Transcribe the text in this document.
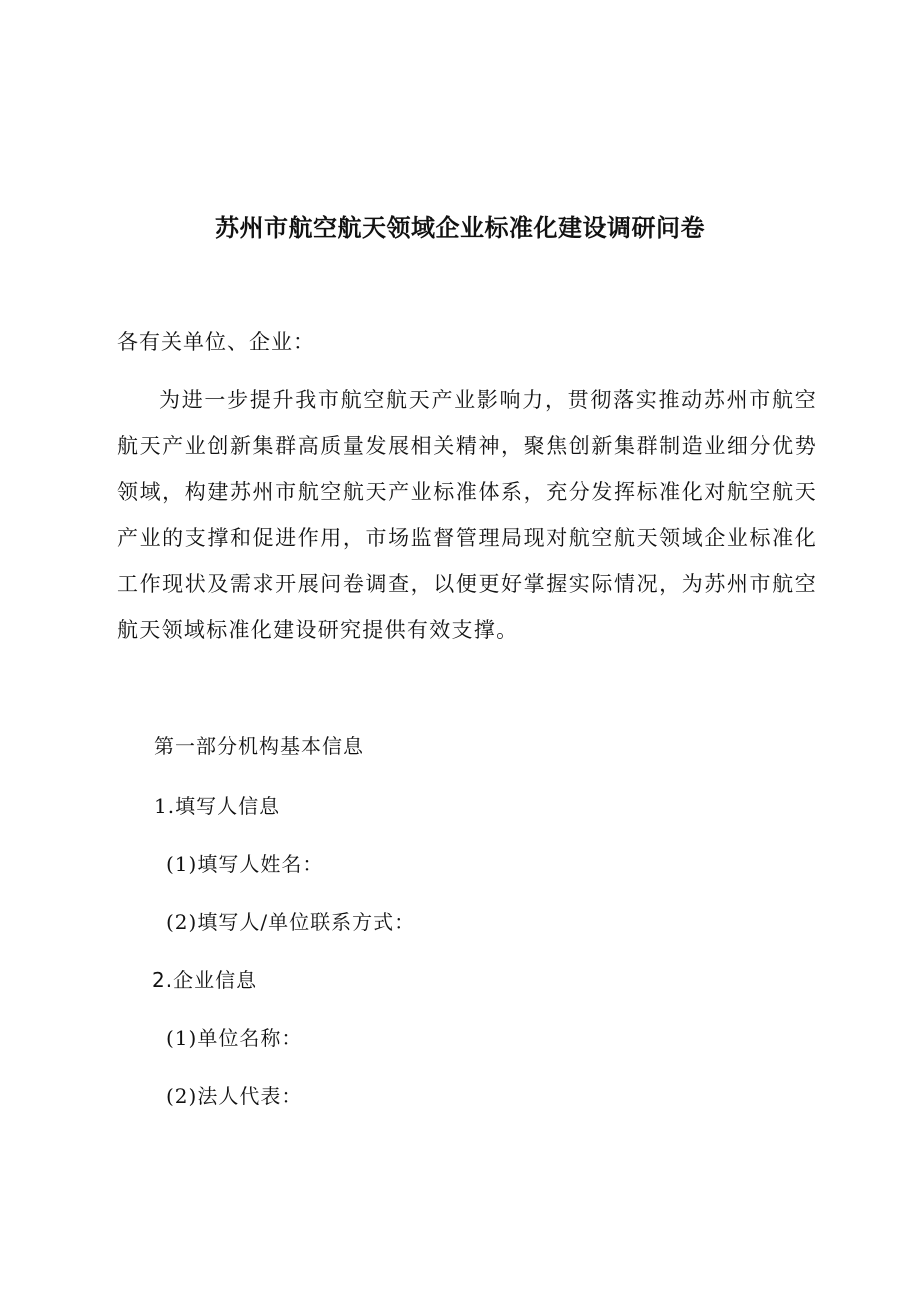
苏州市航空航天领域企业标准化建设调研问卷
各有关单位、企业：

为进一步提升我市航空航天产业影响力，贯彻落实推动苏州市航空航天产业创新集群高质量发展相关精神，聚焦创新集群制造业细分优势领域，构建苏州市航空航天产业标准体系，充分发挥标准化对航空航天产业的支撑和促进作用，市场监督管理局现对航空航天领域企业标准化工作现状及需求开展问卷调查，以便更好掌握实际情况，为苏州市航空航天领域标准化建设研究提供有效支撑。

第一部分机构基本信息
1.填写人信息
(1)填写人姓名：
(2)填写人/单位联系方式：
2.企业信息
(1)单位名称：
(2)法人代表：
